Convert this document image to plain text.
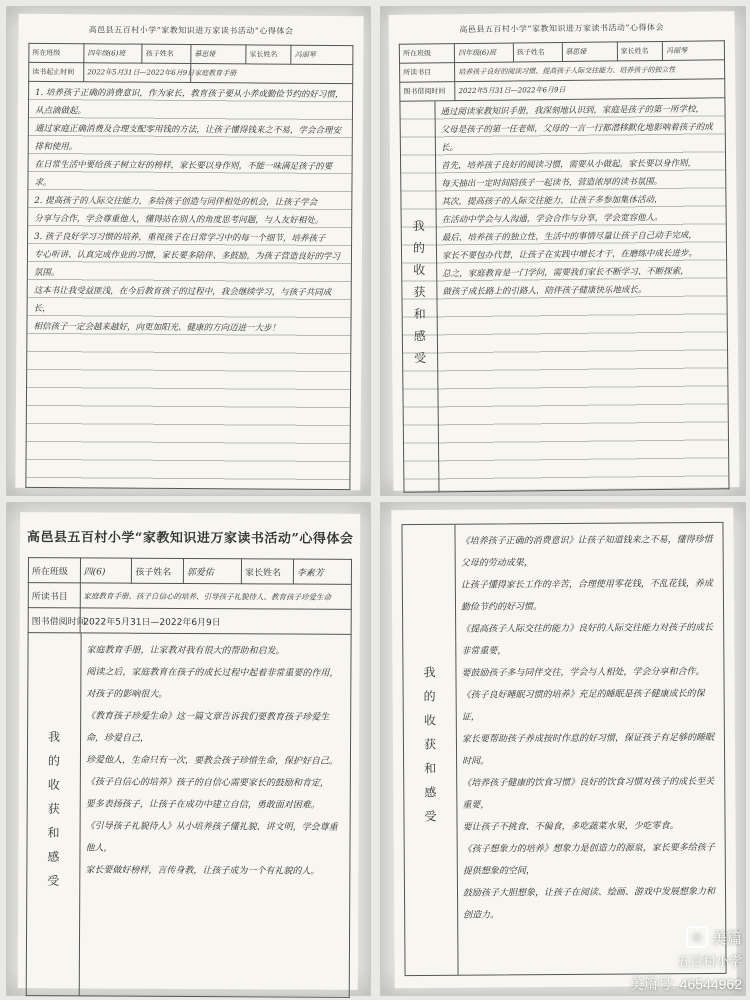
高邑县五百村小学“家教知识进万家读书活动”心得体会
所在班级	四年级(6)班	孩子姓名	慕思娅	家长姓名	冯丽琴
读书起止时间	2022年5月31日—2022年6月9日		家庭教育手册		
1. 培养孩子正确的消费意识，作为家长，教育孩子要从小养成勤俭节约的好习惯，从点滴做起。
通过家庭正确消费及合理支配零用钱的方法，让孩子懂得钱来之不易，学会合理安排和使用。
在日常生活中要给孩子树立好的榜样，家长要以身作则，不能一味满足孩子的要求。
2. 提高孩子的人际交往能力，多给孩子创造与同伴相处的机会，让孩子学会
分享与合作，学会尊重他人，懂得站在别人的角度思考问题，与人友好相处。
3. 孩子良好学习习惯的培养，重视孩子在日常学习中的每一个细节，培养孩子
专心听讲、认真完成作业的习惯，家长要多陪伴、多鼓励，为孩子营造良好的学习氛围。
这本书让我受益匪浅，在今后教育孩子的过程中，我会继续学习，与孩子共同成长，
相信孩子一定会越来越好，向更加阳光、健康的方向迈进一大步！
高邑县五百村小学“家教知识进万家读书活动”心得体会
所在班级	四年级(6)班	孩子姓名	慕思娅	家长姓名	冯丽琴
所读书目	培养孩子良好的阅读习惯、提高孩子人际交往能力、培养孩子的独立性				
图书借阅时间	2022年5月31日—2022年6月9日				
我的收获和感受
通过阅读家教知识手册，我深刻地认识到，家庭是孩子的第一所学校，
父母是孩子的第一任老师，父母的一言一行都潜移默化地影响着孩子的成长。
首先，培养孩子良好的阅读习惯，需要从小做起，家长要以身作则，
每天抽出一定时间陪孩子一起读书，营造浓厚的读书氛围。
其次，提高孩子的人际交往能力，让孩子多参加集体活动，
在活动中学会与人沟通，学会合作与分享，学会宽容他人。
最后，培养孩子的独立性，生活中的事情尽量让孩子自己动手完成，
家长不要包办代替，让孩子在实践中增长才干，在磨练中成长进步。
总之，家庭教育是一门学问，需要我们家长不断学习、不断探索，
做孩子成长路上的引路人，陪伴孩子健康快乐地成长。
高邑县五百村小学“家教知识进万家读书活动”心得体会
所在班级	四(6)	孩子姓名	郭爱佑	家长姓名	李素芳
所读书目	家庭教育手册、孩子自信心的培养、引导孩子礼貌待人、教育孩子珍爱生命				
图书借阅时间	2022年5月31日—2022年6月9日				
我的收获和感受
家庭教育手册，让家教对我有很大的帮助和启发。
阅读之后，家庭教育在孩子的成长过程中起着非常重要的作用，对孩子的影响很大。
《教育孩子珍爱生命》这一篇文章告诉我们要教育孩子珍爱生命，珍爱自己，
珍爱他人，生命只有一次，要教会孩子珍惜生命，保护好自己。
《孩子自信心的培养》孩子的自信心需要家长的鼓励和肯定，
要多表扬孩子，让孩子在成功中建立自信，勇敢面对困难。
《引导孩子礼貌待人》从小培养孩子懂礼貌、讲文明，学会尊重他人，
家长要做好榜样，言传身教，让孩子成为一个有礼貌的人。
我的收获和感受
《培养孩子正确的消费意识》让孩子知道钱来之不易，懂得珍惜父母的劳动成果，
让孩子懂得家长工作的辛苦，合理使用零花钱，不乱花钱，养成勤俭节约的好习惯。
《提高孩子人际交往的能力》良好的人际交往能力对孩子的成长非常重要，
要鼓励孩子多与同伴交往，学会与人相处，学会分享和合作。
《孩子良好睡眠习惯的培养》充足的睡眠是孩子健康成长的保证，
家长要帮助孩子养成按时作息的好习惯，保证孩子有足够的睡眠时间。
《培养孩子健康的饮食习惯》良好的饮食习惯对孩子的成长至关重要，
要让孩子不挑食、不偏食，多吃蔬菜水果，少吃零食。
《孩子想象力的培养》想象力是创造力的源泉，家长要多给孩子提供想象的空间，
鼓励孩子大胆想象，让孩子在阅读、绘画、游戏中发展想象力和创造力。
◎ 美篇
五百村小学
美篇号: 46544962
